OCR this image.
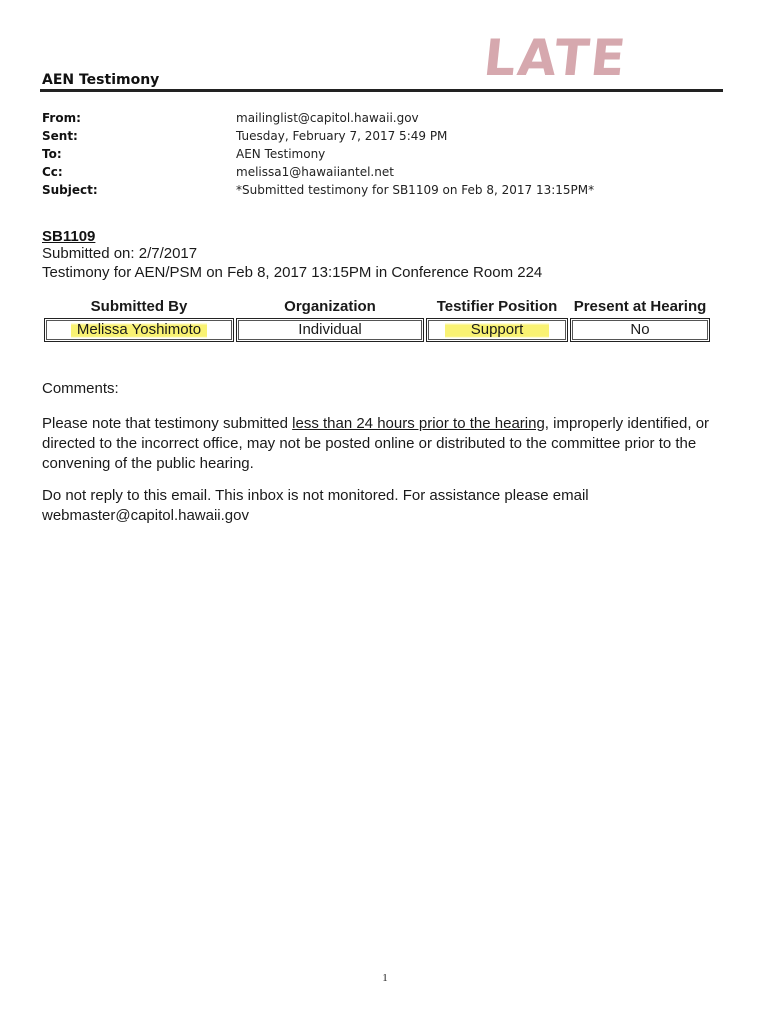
LATE
AEN Testimony
From:	mailinglist@capitol.hawaii.gov
Sent:	Tuesday, February 7, 2017 5:49 PM
To:	AEN Testimony
Cc:	melissa1@hawaiiantel.net
Subject:	*Submitted testimony for SB1109 on Feb 8, 2017 13:15PM*
SB1109
Submitted on: 2/7/2017
Testimony for AEN/PSM on Feb 8, 2017 13:15PM in Conference Room 224
Submitted By	Organization	Testifier Position	Present at Hearing
Melissa Yoshimoto	Individual	Support	No
Comments:
Please note that testimony submitted less than 24 hours prior to the hearing, improperly identified, or directed to the incorrect office, may not be posted online or distributed to the committee prior to the convening of the public hearing.
Do not reply to this email. This inbox is not monitored. For assistance please email webmaster@capitol.hawaii.gov
1
